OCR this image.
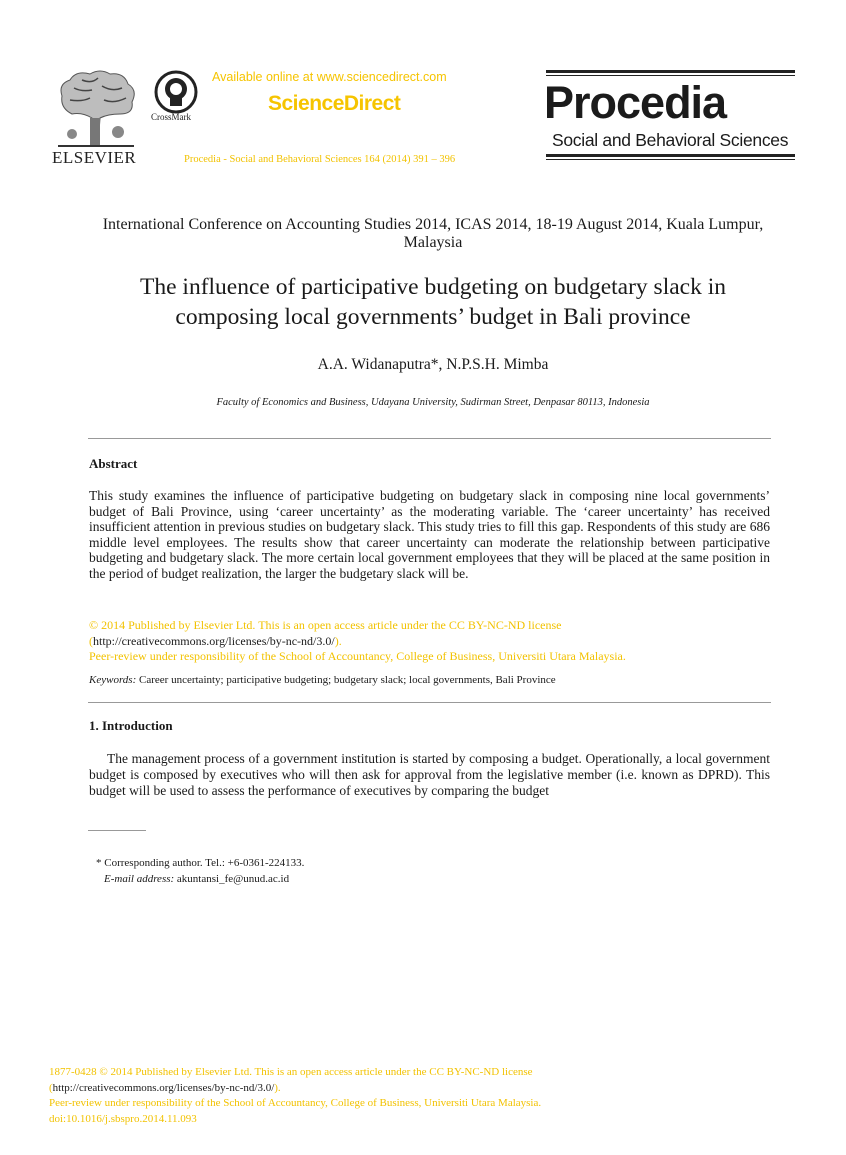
ELSEVIER
CrossMark
Available online at www.sciencedirect.com
ScienceDirect
Procedia - Social and Behavioral Sciences 164 (2014) 391 – 396
Procedia
Social and Behavioral Sciences
International Conference on Accounting Studies 2014, ICAS 2014, 18-19 August 2014, Kuala Lumpur, Malaysia
The influence of participative budgeting on budgetary slack in
composing local governments’ budget in Bali province
A.A. Widanaputra*, N.P.S.H. Mimba
Faculty of Economics and Business, Udayana University, Sudirman Street, Denpasar 80113, Indonesia
Abstract
This study examines the influence of participative budgeting on budgetary slack in composing nine local governments’ budget of Bali Province, using ‘career uncertainty’ as the moderating variable. The ‘career uncertainty’ has received insufficient attention in previous studies on budgetary slack. This study tries to fill this gap. Respondents of this study are 686 middle level employees. The results show that career uncertainty can moderate the relationship between participative budgeting and budgetary slack. The more certain local government employees that they will be placed at the same position in the period of budget realization, the larger the budgetary slack will be.
© 2014 Published by Elsevier Ltd. This is an open access article under the CC BY-NC-ND license
(http://creativecommons.org/licenses/by-nc-nd/3.0/).
Peer-review under responsibility of the School of Accountancy, College of Business, Universiti Utara Malaysia.
Keywords: Career uncertainty; participative budgeting; budgetary slack; local governments, Bali Province
1. Introduction
The management process of a government institution is started by composing a budget. Operationally, a local government budget is composed by executives who will then ask for approval from the legislative member (i.e. known as DPRD). This budget will be used to assess the performance of executives by comparing the budget
* Corresponding author. Tel.: +6-0361-224133.
E-mail address: akuntansi_fe@unud.ac.id
1877-0428 © 2014 Published by Elsevier Ltd. This is an open access article under the CC BY-NC-ND license
(http://creativecommons.org/licenses/by-nc-nd/3.0/).
Peer-review under responsibility of the School of Accountancy, College of Business, Universiti Utara Malaysia.
doi:10.1016/j.sbspro.2014.11.093
